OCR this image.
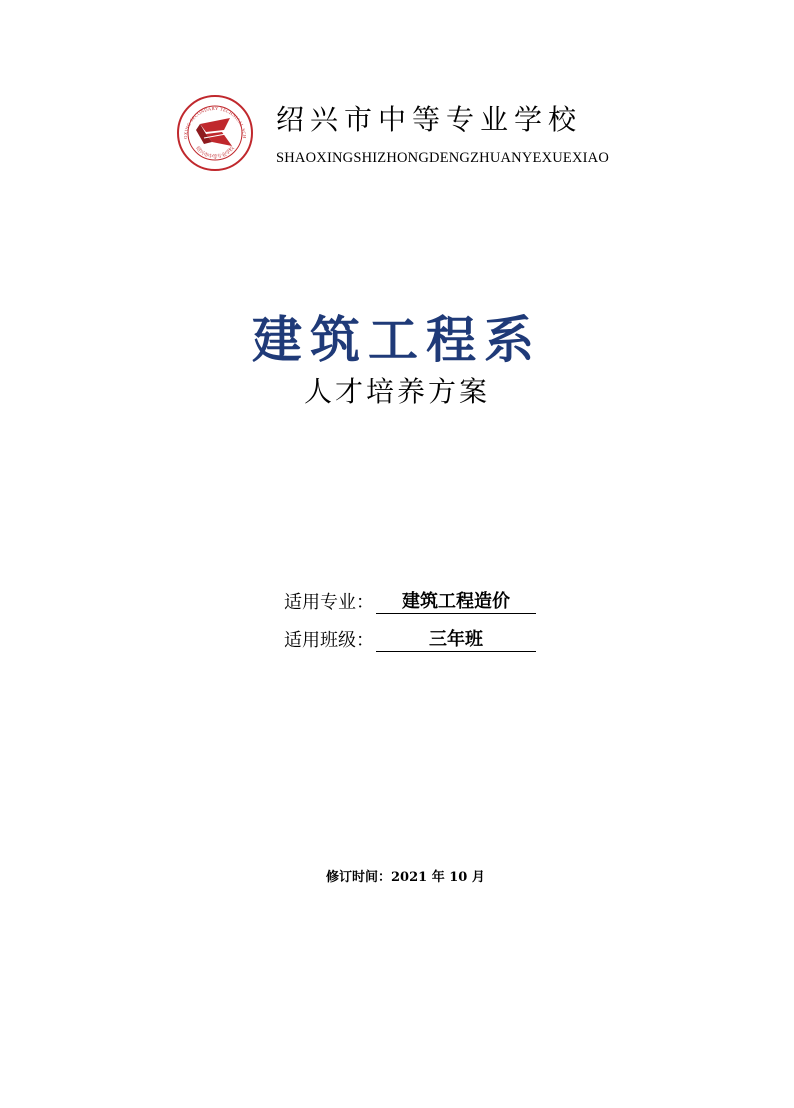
OXING SECONDARY TECHNICAL SCH
绍兴市中等专业学校
绍兴市中等专业学校
SHAOXINGSHIZHONGDENGZHUANYEXUEXIAO
建筑工程系
人才培养方案
适用专业：	建筑工程造价
适用班级：	三年班
修订时间：2021 年 10 月
